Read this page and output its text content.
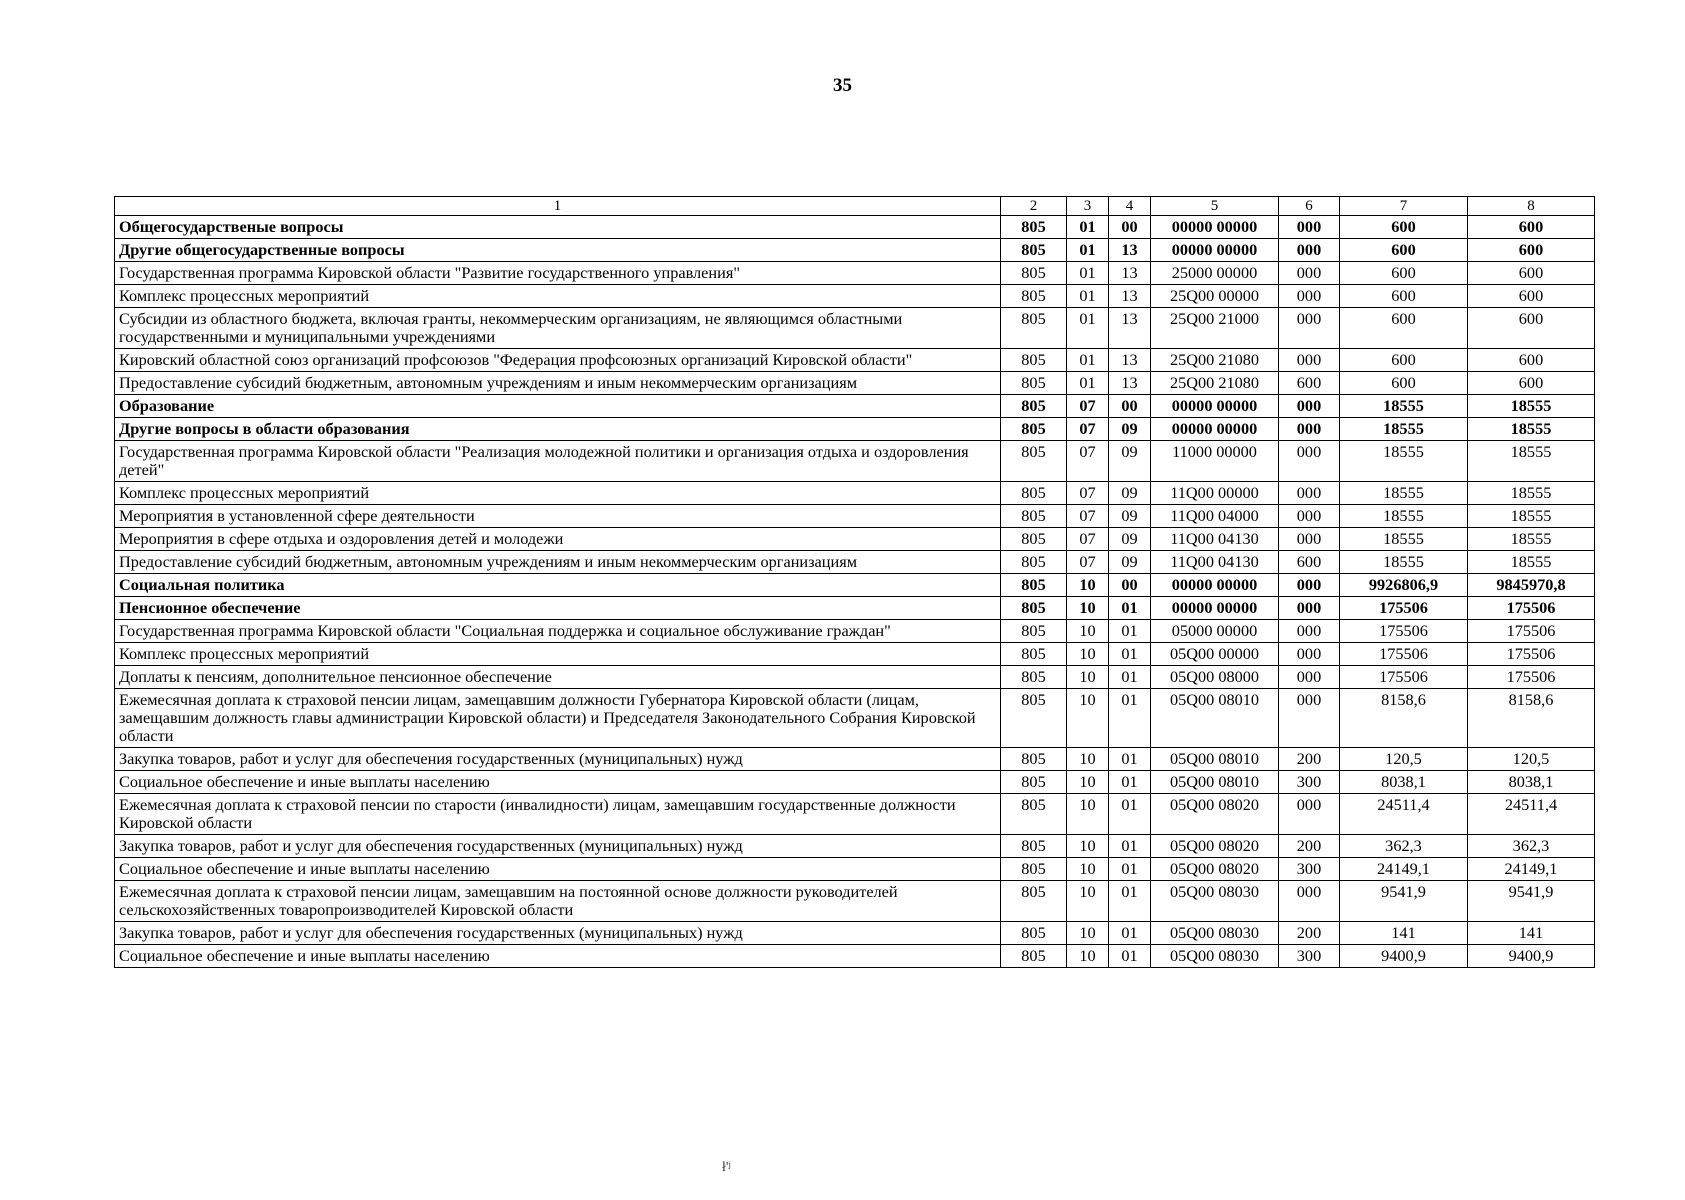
35
1	2	3	4	5	6	7	8
Общегосударственые вопросы	805	01	00	00000 00000	000	600	600
Другие общегосударственные вопросы	805	01	13	00000 00000	000	600	600
Государственная программа Кировской области "Развитие государственного управления"	805	01	13	25000 00000	000	600	600
Комплекс процессных мероприятий	805	01	13	25Q00 00000	000	600	600
Субсидии из областного бюджета, включая гранты, некоммерческим организациям, не являющимся областными государственными и муниципальными учреждениями	805	01	13	25Q00 21000	000	600	600
Кировский областной союз организаций профсоюзов "Федерация профсоюзных организаций Кировской области"	805	01	13	25Q00 21080	000	600	600
Предоставление субсидий бюджетным, автономным учреждениям и иным некоммерческим организациям	805	01	13	25Q00 21080	600	600	600
Образование	805	07	00	00000 00000	000	18555	18555
Другие вопросы в области образования	805	07	09	00000 00000	000	18555	18555
Государственная программа Кировской области "Реализация молодежной политики и организация отдыха и оздоровления детей"	805	07	09	11000 00000	000	18555	18555
Комплекс процессных мероприятий	805	07	09	11Q00 00000	000	18555	18555
Мероприятия в установленной сфере деятельности	805	07	09	11Q00 04000	000	18555	18555
Мероприятия в сфере отдыха и оздоровления детей и молодежи	805	07	09	11Q00 04130	000	18555	18555
Предоставление субсидий бюджетным, автономным учреждениям и иным некоммерческим организациям	805	07	09	11Q00 04130	600	18555	18555
Социальная политика	805	10	00	00000 00000	000	9926806,9	9845970,8
Пенсионное обеспечение	805	10	01	00000 00000	000	175506	175506
Государственная программа Кировской области "Социальная поддержка и социальное обслуживание граждан"	805	10	01	05000 00000	000	175506	175506
Комплекс процессных мероприятий	805	10	01	05Q00 00000	000	175506	175506
Доплаты к пенсиям, дополнительное пенсионное обеспечение	805	10	01	05Q00 08000	000	175506	175506
Ежемесячная доплата к страховой пенсии лицам, замещавшим должности Губернатора Кировской области (лицам, замещавшим должность главы администрации Кировской области) и Председателя Законодательного Собрания Кировской области	805	10	01	05Q00 08010	000	8158,6	8158,6
Закупка товаров, работ и услуг для обеспечения государственных (муниципальных) нужд	805	10	01	05Q00 08010	200	120,5	120,5
Социальное обеспечение и иные выплаты населению	805	10	01	05Q00 08010	300	8038,1	8038,1
Ежемесячная доплата к страховой пенсии по старости (инвалидности) лицам, замещавшим государственные должности Кировской области	805	10	01	05Q00 08020	000	24511,4	24511,4
Закупка товаров, работ и услуг для обеспечения государственных (муниципальных) нужд	805	10	01	05Q00 08020	200	362,3	362,3
Социальное обеспечение и иные выплаты населению	805	10	01	05Q00 08020	300	24149,1	24149,1
Ежемесячная доплата к страховой пенсии лицам, замещавшим на постоянной основе должности руководителей сельскохозяйственных товаропроизводителей Кировской области	805	10	01	05Q00 08030	000	9541,9	9541,9
Закупка товаров, работ и услуг для обеспечения государственных (муниципальных) нужд	805	10	01	05Q00 08030	200	141	141
Социальное обеспечение и иные выплаты населению	805	10	01	05Q00 08030	300	9400,9	9400,9
ł'ʲ
